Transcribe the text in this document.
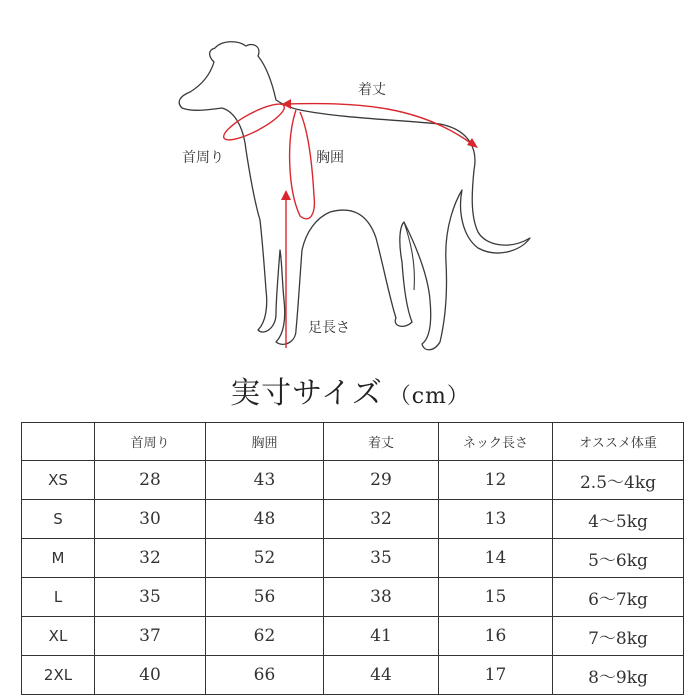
着丈
首周り	胸囲
足長さ
実寸サイズ （cm）
	首周り	胸囲	着丈	ネック長さ	オススメ体重
XS	28	43	29	12	2.5～4kg
S	30	48	32	13	4～5kg
M	32	52	35	14	5～6kg
L	35	56	38	15	6～7kg
XL	37	62	41	16	7～8kg
2XL	40	66	44	17	8～9kg
